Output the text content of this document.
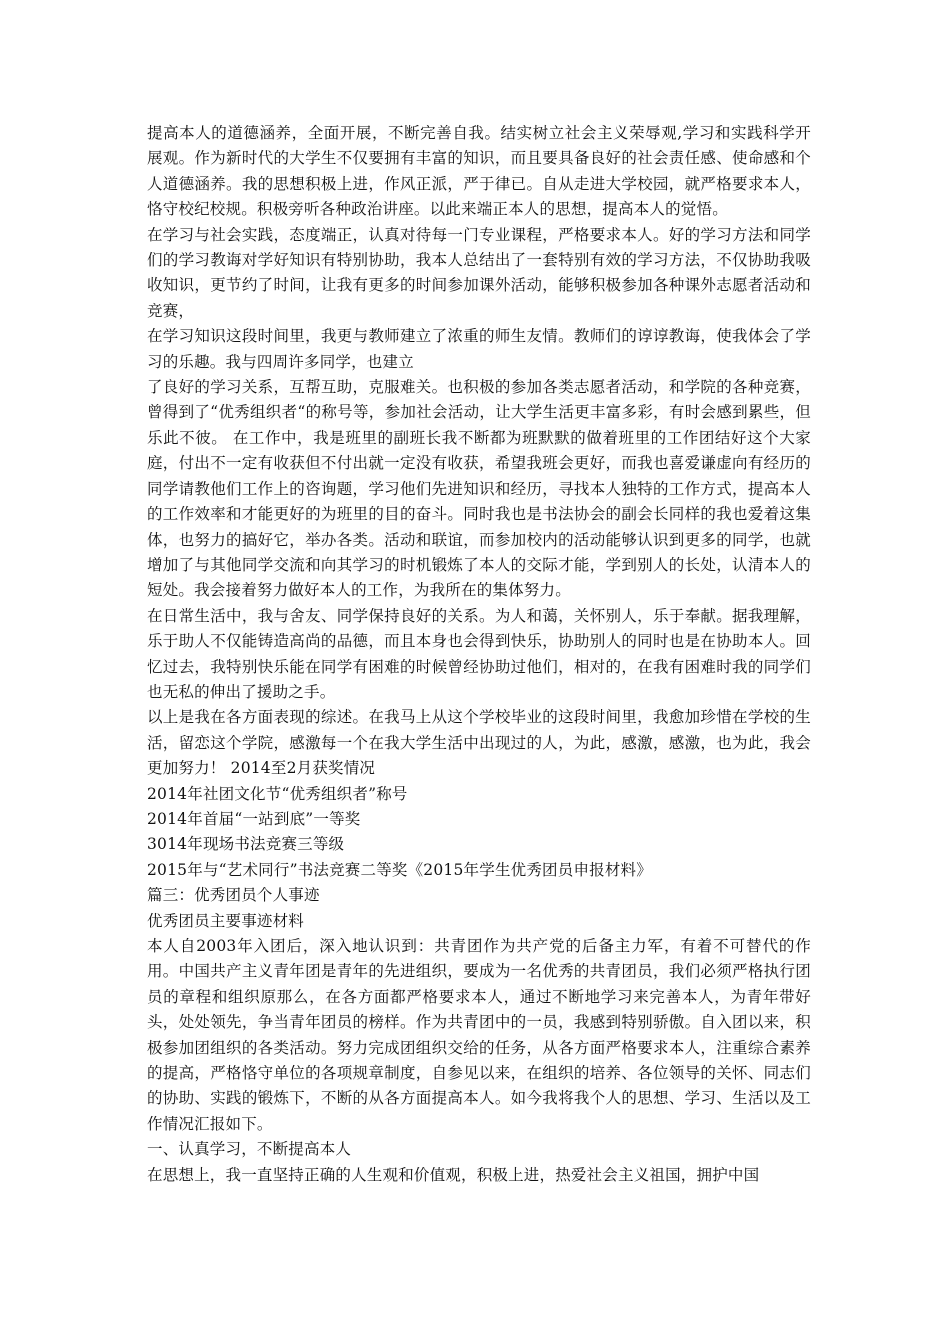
提高本人的道德涵养，全面开展，不断完善自我。结实树立社会主义荣辱观,学习和实践科学开展观。作为新时代的大学生不仅要拥有丰富的知识，而且要具备良好的社会责任感、使命感和个人道德涵养。我的思想积极上进，作风正派，严于律已。自从走进大学校园，就严格要求本人，恪守校纪校规。积极旁听各种政治讲座。以此来端正本人的思想，提高本人的觉悟。

在学习与社会实践，态度端正，认真对待每一门专业课程，严格要求本人。好的学习方法和同学们的学习教诲对学好知识有特别协助，我本人总结出了一套特别有效的学习方法，不仅协助我吸收知识，更节约了时间，让我有更多的时间参加课外活动，能够积极参加各种课外志愿者活动和竞赛，

在学习知识这段时间里，我更与教师建立了浓重的师生友情。教师们的谆谆教诲，使我体会了学习的乐趣。我与四周许多同学，也建立

了良好的学习关系，互帮互助，克服难关。也积极的参加各类志愿者活动，和学院的各种竞赛，曾得到了“优秀组织者“的称号等，参加社会活动，让大学生活更丰富多彩，有时会感到累些，但乐此不彼。 在工作中，我是班里的副班长我不断都为班默默的做着班里的工作团结好这个大家庭，付出不一定有收获但不付出就一定没有收获，希望我班会更好，而我也喜爱谦虚向有经历的同学请教他们工作上的咨询题，学习他们先进知识和经历，寻找本人独特的工作方式，提高本人的工作效率和才能更好的为班里的目的奋斗。同时我也是书法协会的副会长同样的我也爱着这集体，也努力的搞好它，举办各类。活动和联谊，而参加校内的活动能够认识到更多的同学，也就增加了与其他同学交流和向其学习的时机锻炼了本人的交际才能，学到别人的长处，认清本人的短处。我会接着努力做好本人的工作，为我所在的集体努力。

在日常生活中，我与舍友、同学保持良好的关系。为人和蔼，关怀别人，乐于奉献。据我理解，乐于助人不仅能铸造高尚的品德，而且本身也会得到快乐，协助别人的同时也是在协助本人。回忆过去，我特别快乐能在同学有困难的时候曾经协助过他们，相对的，在我有困难时我的同学们也无私的伸出了援助之手。

以上是我在各方面表现的综述。在我马上从这个学校毕业的这段时间里，我愈加珍惜在学校的生活，留恋这个学院，感激每一个在我大学生活中出现过的人，为此，感激，感激，也为此，我会更加努力！ 2014至2月获奖情况

2014年社团文化节“优秀组织者”称号

2014年首届“一站到底”一等奖

3014年现场书法竞赛三等级

2015年与“艺术同行”书法竞赛二等奖《2015年学生优秀团员申报材料》

篇三：优秀团员个人事迹

优秀团员主要事迹材料

本人自2003年入团后，深入地认识到：共青团作为共产党的后备主力军，有着不可替代的作用。中国共产主义青年团是青年的先进组织，要成为一名优秀的共青团员，我们必须严格执行团员的章程和组织原那么，在各方面都严格要求本人，通过不断地学习来完善本人，为青年带好头，处处领先，争当青年团员的榜样。作为共青团中的一员，我感到特别骄傲。自入团以来，积极参加团组织的各类活动。努力完成团组织交给的任务，从各方面严格要求本人，注重综合素养的提高，严格恪守单位的各项规章制度，自参见以来，在组织的培养、各位领导的关怀、同志们的协助、实践的锻炼下，不断的从各方面提高本人。如今我将我个人的思想、学习、生活以及工作情况汇报如下。

一、认真学习，不断提高本人

在思想上，我一直坚持正确的人生观和价值观，积极上进，热爱社会主义祖国，拥护中国
